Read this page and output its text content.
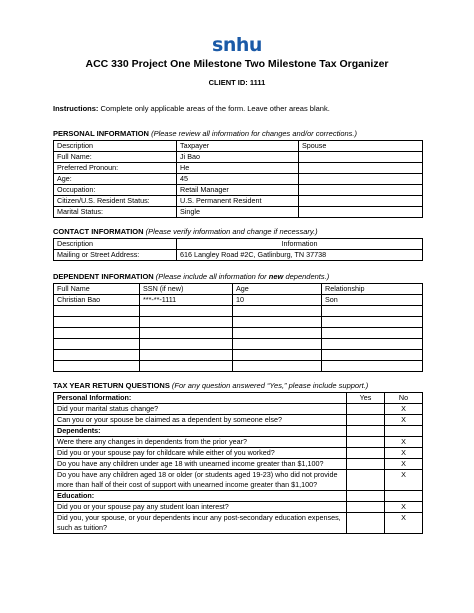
snhu
ACC 330 Project One Milestone Two Milestone Tax Organizer
CLIENT ID: 1111
Instructions: Complete only applicable areas of the form. Leave other areas blank.
PERSONAL INFORMATION (Please review all information for changes and/or corrections.)
Description	Taxpayer	Spouse
Full Name:	Ji Bao	
Preferred Pronoun:	He	
Age:	45	
Occupation:	Retail Manager	
Citizen/U.S. Resident Status:	U.S. Permanent Resident	
Marital Status:	Single	
CONTACT INFORMATION (Please verify information and change if necessary.)
Description	Information
Mailing or Street Address:	616 Langley Road #2C, Gatlinburg, TN 37738
DEPENDENT INFORMATION (Please include all information for new dependents.)
Full Name	SSN (if new)	Age	Relationship
Christian Bao	***-**-1111	10	Son

TAX YEAR RETURN QUESTIONS (For any question answered “Yes,” please include support.)
Personal Information:	Yes	No
Did your marital status change?		X
Can you or your spouse be claimed as a dependent by someone else?		X
Dependents:		
Were there any changes in dependents from the prior year?		X
Did you or your spouse pay for childcare while either of you worked?		X
Do you have any children under age 18 with unearned income greater than $1,100?		X
Do you have any children aged 18 or older (or students aged 19-23) who did not provide more than half of their cost of support with unearned income greater than $1,100?		X
Education:		
Did you or your spouse pay any student loan interest?		X
Did you, your spouse, or your dependents incur any post-secondary education expenses, such as tuition?		X
